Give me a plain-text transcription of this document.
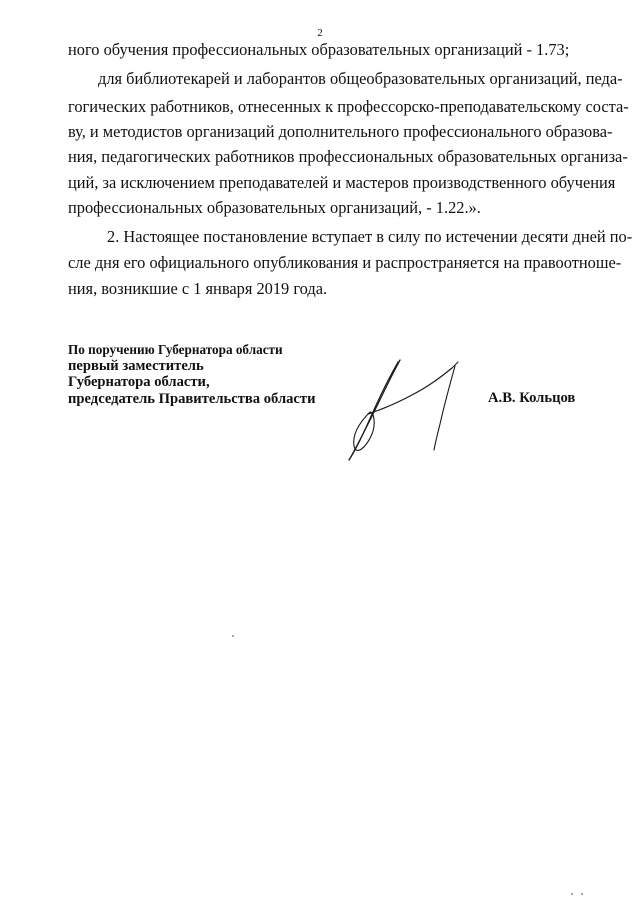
2
ного обучения профессиональных образовательных организаций - 1.73;
для библиотекарей и лаборантов общеобразовательных организаций, педа-
гогических работников, отнесенных к профессорско-преподавательскому соста-
ву, и методистов организаций дополнительного профессионального образова-
ния, педагогических работников профессиональных образовательных организа-
ций, за исключением преподавателей и мастеров производственного обучения
профессиональных образовательных организаций, - 1.22.».
2. Настоящее постановление вступает в силу по истечении десяти дней по-
сле дня его официального опубликования и распространяется на правоотноше-
ния, возникшие с 1 января 2019 года.
По поручению Губернатора области
первый заместитель
Губернатора области,
председатель Правительства области	А.В. Кольцов
